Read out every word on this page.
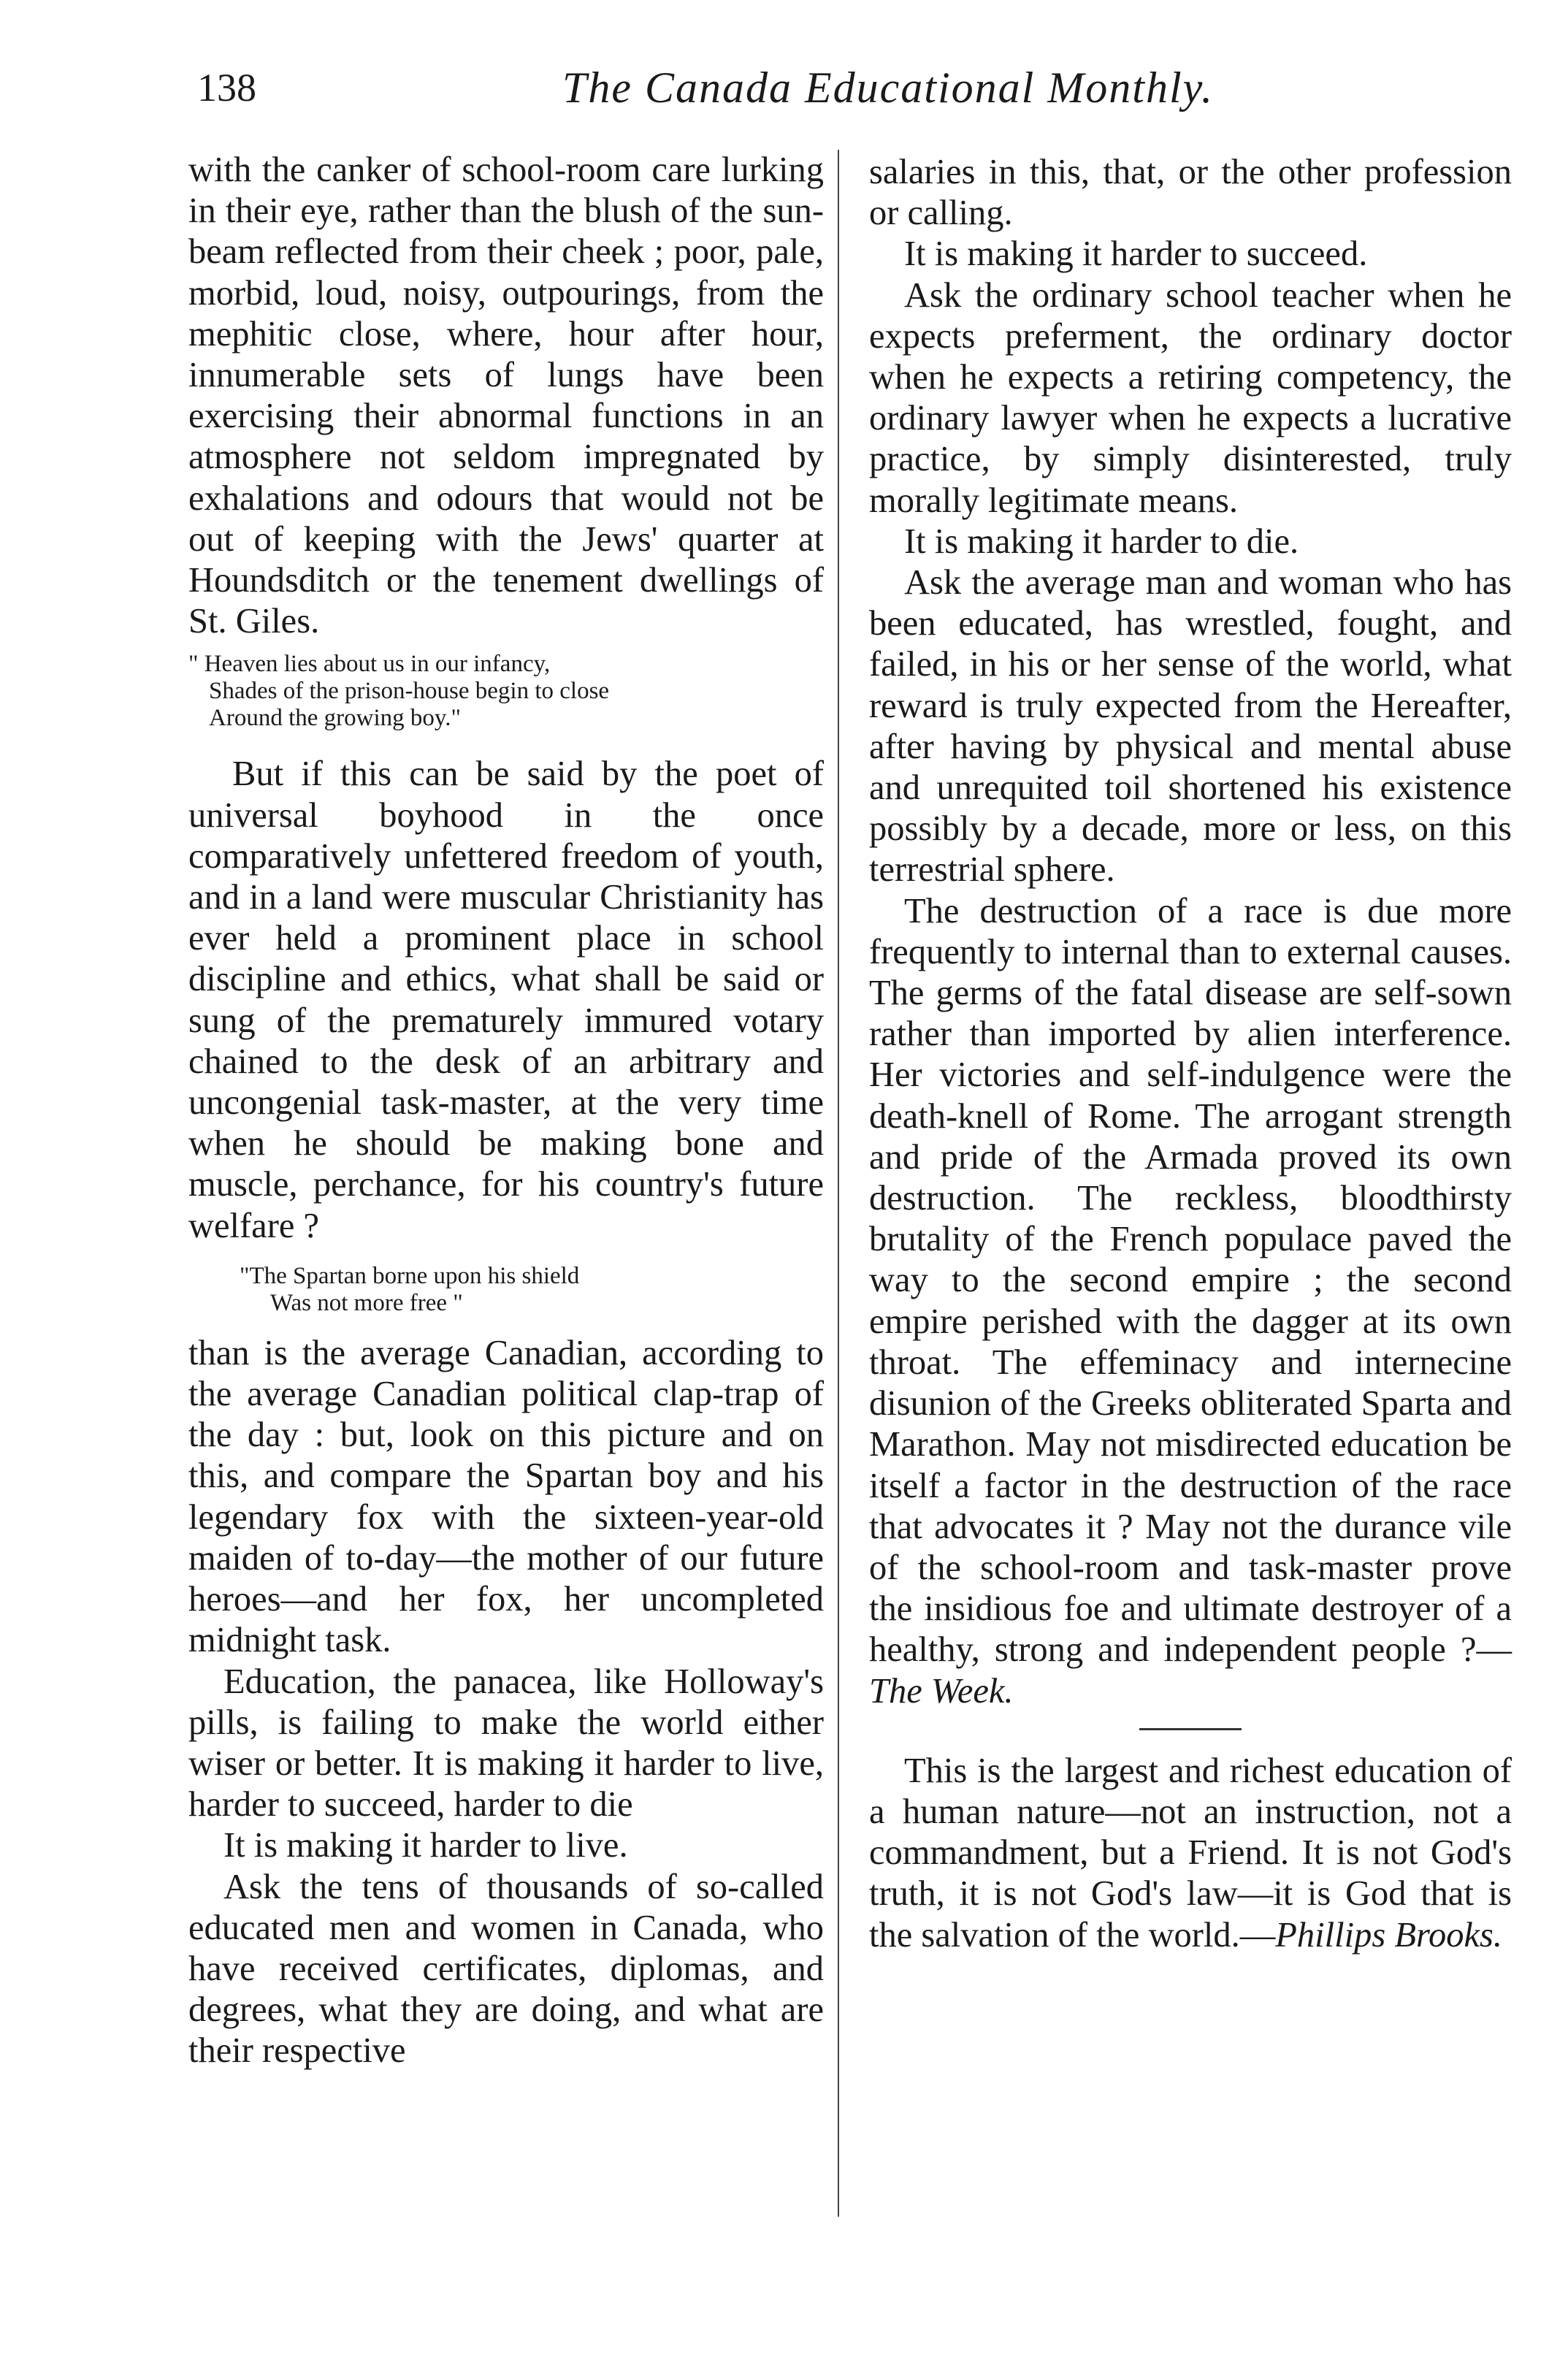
138	The Canada Educational Monthly.

with the canker of school-room care lurking in their eye, rather than the blush of the sun-beam reflected from their cheek ; poor, pale, morbid, loud, noisy, outpourings, from the mephitic close, where, hour after hour, innumerable sets of lungs have been exercising their abnormal functions in an atmosphere not seldom impregnated by exhalations and odours that would not be out of keeping with the Jews' quarter at Houndsditch or the tenement dwellings of St. Giles.

" Heaven lies about us in our infancy,
Shades of the prison-house begin to close
Around the growing boy."

But if this can be said by the poet of universal boyhood in the once comparatively unfettered freedom of youth, and in a land were muscular Christianity has ever held a prominent place in school discipline and ethics, what shall be said or sung of the prematurely immured votary chained to the desk of an arbitrary and uncongenial task-master, at the very time when he should be making bone and muscle, perchance, for his country's future welfare ?

"The Spartan borne upon his shield
Was not more free "

than is the average Canadian, according to the average Canadian political clap-trap of the day : but, look on this picture and on this, and compare the Spartan boy and his legendary fox with the sixteen-year-old maiden of to-day—the mother of our future heroes—and her fox, her uncompleted midnight task.

Education, the panacea, like Holloway's pills, is failing to make the world either wiser or better. It is making it harder to live, harder to succeed, harder to die

It is making it harder to live.

Ask the tens of thousands of so-called educated men and women in Canada, who have received certificates, diplomas, and degrees, what they are doing, and what are their respective

salaries in this, that, or the other profession or calling.

It is making it harder to succeed.

Ask the ordinary school teacher when he expects preferment, the ordinary doctor when he expects a retiring competency, the ordinary lawyer when he expects a lucrative practice, by simply disinterested, truly morally legitimate means.

It is making it harder to die.

Ask the average man and woman who has been educated, has wrestled, fought, and failed, in his or her sense of the world, what reward is truly expected from the Hereafter, after having by physical and mental abuse and unrequited toil shortened his existence possibly by a decade, more or less, on this terrestrial sphere.

The destruction of a race is due more frequently to internal than to external causes. The germs of the fatal disease are self-sown rather than imported by alien interference. Her victories and self-indulgence were the death-knell of Rome. The arrogant strength and pride of the Armada proved its own destruction. The reckless, bloodthirsty brutality of the French populace paved the way to the second empire ; the second empire perished with the dagger at its own throat. The effeminacy and internecine disunion of the Greeks obliterated Sparta and Marathon. May not misdirected education be itself a factor in the destruction of the race that advocates it ? May not the durance vile of the school-room and task-master prove the insidious foe and ultimate destroyer of a healthy, strong and independent people ?—The Week.

This is the largest and richest education of a human nature—not an instruction, not a commandment, but a Friend. It is not God's truth, it is not God's law—it is God that is the salvation of the world.—Phillips Brooks.
